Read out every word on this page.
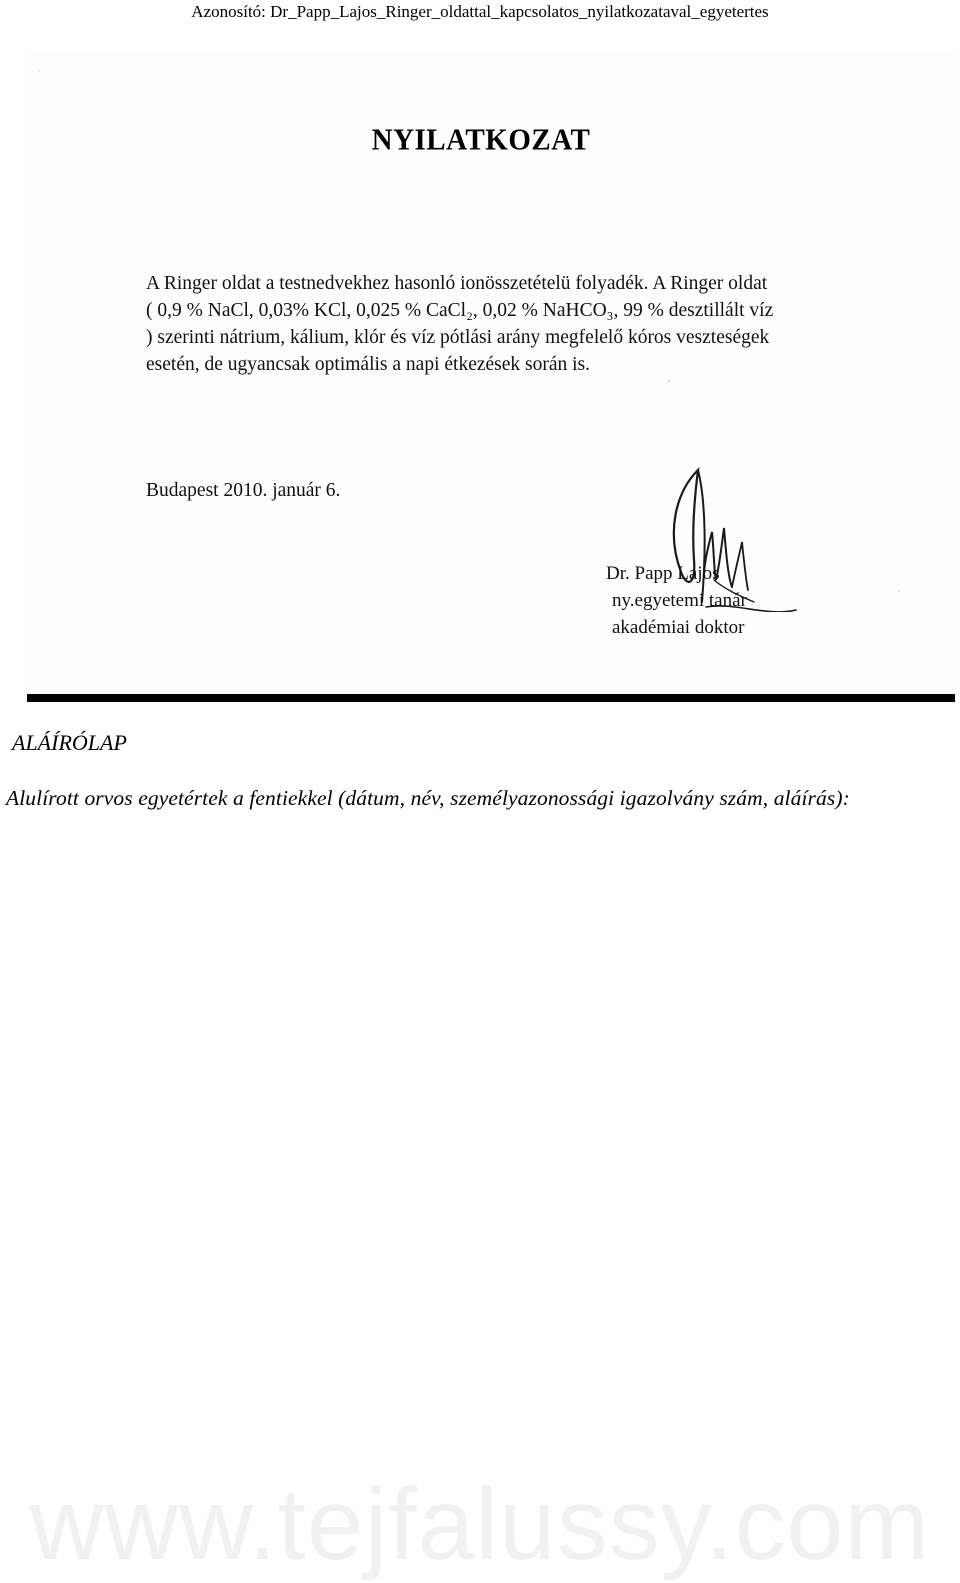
Azonosító: Dr_Papp_Lajos_Ringer_oldattal_kapcsolatos_nyilatkozataval_egyetertes
NYILATKOZAT
A Ringer oldat a testnedvekhez hasonló ionösszetételü folyadék. A Ringer oldat
( 0,9 % NaCl, 0,03% KCl, 0,025 % CaCl₂, 0,02 % NaHCO₃, 99 % desztillált víz
) szerinti nátrium, kálium, klór és víz pótlási arány megfelelő kóros veszteségek
esetén, de ugyancsak optimális a napi étkezések során is.
Budapest 2010. január 6.
Dr. Papp Lajos
ny.egyetemi tanár
akadémiai doktor
ALÁÍRÓLAP
Alulírott orvos egyetértek a fentiekkel (dátum, név, személyazonossági igazolvány szám, aláírás):
www.tejfalussy.com
